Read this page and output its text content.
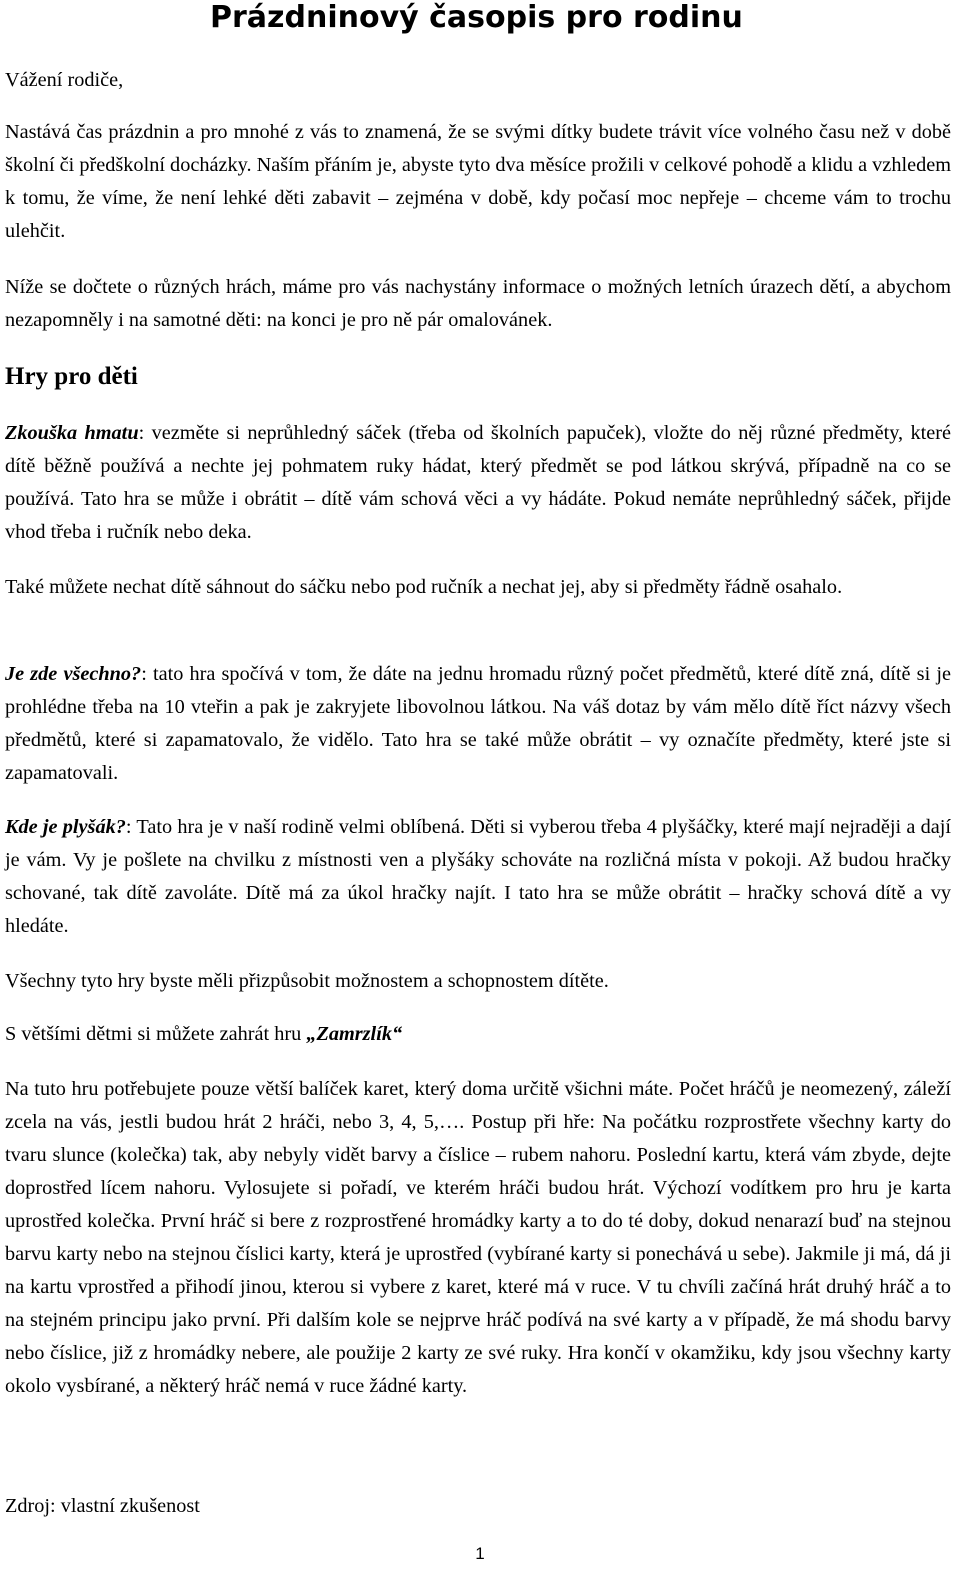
Prázdninový časopis pro rodinu

Vážení rodiče,

Nastává čas prázdnin a pro mnohé z vás to znamená, že se svými dítky budete trávit více volného času než v době školní či předškolní docházky. Naším přáním je, abyste tyto dva měsíce prožili v celkové pohodě a klidu a vzhledem k tomu, že víme, že není lehké děti zabavit – zejména v době, kdy počasí moc nepřeje – chceme vám to trochu ulehčit.

Níže se dočtete o různých hrách, máme pro vás nachystány informace o možných letních úrazech dětí, a abychom nezapomněly i na samotné děti: na konci je pro ně pár omalovánek.

Hry pro děti

Zkouška hmatu: vezměte si neprůhledný sáček (třeba od školních papuček), vložte do něj různé předměty, které dítě běžně používá a nechte jej pohmatem ruky hádat, který předmět se pod látkou skrývá, případně na co se používá. Tato hra se může i obrátit – dítě vám schová věci a vy hádáte. Pokud nemáte neprůhledný sáček, přijde vhod třeba i ručník nebo deka.

Také můžete nechat dítě sáhnout do sáčku nebo pod ručník a nechat jej, aby si předměty řádně osahalo.

Je zde všechno?: tato hra spočívá v tom, že dáte na jednu hromadu různý počet předmětů, které dítě zná, dítě si je prohlédne třeba na 10 vteřin a pak je zakryjete libovolnou látkou. Na váš dotaz by vám mělo dítě říct názvy všech předmětů, které si zapamatovalo, že vidělo. Tato hra se také může obrátit – vy označíte předměty, které jste si zapamatovali.

Kde je plyšák?: Tato hra je v naší rodině velmi oblíbená. Děti si vyberou třeba 4 plyšáčky, které mají nejraději a dají je vám. Vy je pošlete na chvilku z místnosti ven a plyšáky schováte na rozličná místa v pokoji. Až budou hračky schované, tak dítě zavoláte. Dítě má za úkol hračky najít. I tato hra se může obrátit – hračky schová dítě a vy hledáte.

Všechny tyto hry byste měli přizpůsobit možnostem a schopnostem dítěte.

S většími dětmi si můžete zahrát hru „Zamrzlík“

Na tuto hru potřebujete pouze větší balíček karet, který doma určitě všichni máte. Počet hráčů je neomezený, záleží zcela na vás, jestli budou hrát 2 hráči, nebo 3, 4, 5,…. Postup při hře: Na počátku rozprostřete všechny karty do tvaru slunce (kolečka) tak, aby nebyly vidět barvy a číslice – rubem nahoru. Poslední kartu, která vám zbyde, dejte doprostřed lícem nahoru. Vylosujete si pořadí, ve kterém hráči budou hrát. Výchozí vodítkem pro hru je karta uprostřed kolečka. První hráč si bere z rozprostřené hromádky karty a to do té doby, dokud nenarazí buď na stejnou barvu karty nebo na stejnou číslici karty, která je uprostřed (vybírané karty si ponechává u sebe). Jakmile ji má, dá ji na kartu vprostřed a přihodí jinou, kterou si vybere z karet, které má v ruce. V tu chvíli začíná hrát druhý hráč a to na stejném principu jako první. Při dalším kole se nejprve hráč podívá na své karty a v případě, že má shodu barvy nebo číslice, již z hromádky nebere, ale použije 2 karty ze své ruky. Hra končí v okamžiku, kdy jsou všechny karty okolo vysbírané, a některý hráč nemá v ruce žádné karty.

Zdroj: vlastní zkušenost

1
